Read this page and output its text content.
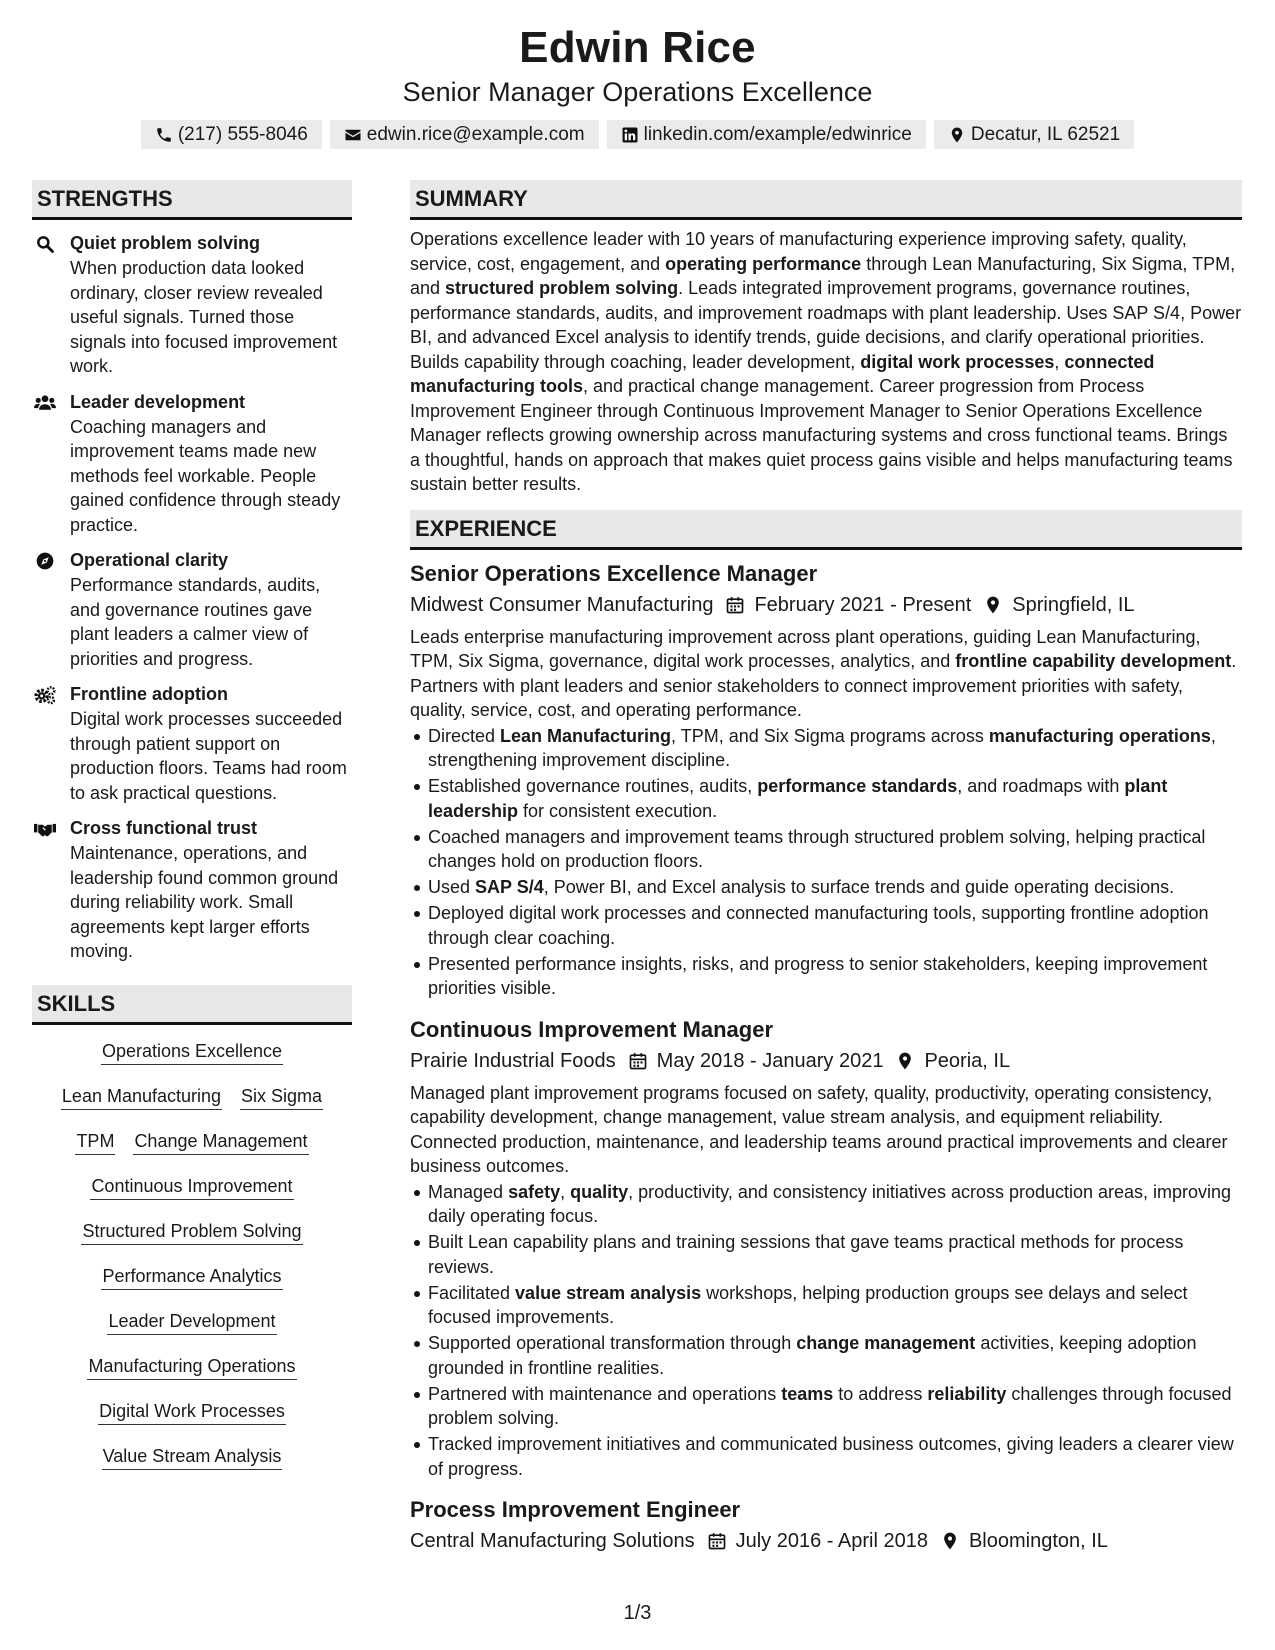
Edwin Rice
Senior Manager Operations Excellence
(217) 555-8046	edwin.rice@example.com	linkedin.com/example/edwinrice	Decatur, IL 62521
STRENGTHS
Quiet problem solving
When production data looked ordinary, closer review revealed useful signals. Turned those signals into focused improvement work.
Leader development
Coaching managers and improvement teams made new methods feel workable. People gained confidence through steady practice.
Operational clarity
Performance standards, audits, and governance routines gave plant leaders a calmer view of priorities and progress.
Frontline adoption
Digital work processes succeeded through patient support on production floors. Teams had room to ask practical questions.
Cross functional trust
Maintenance, operations, and leadership found common ground during reliability work. Small agreements kept larger efforts moving.
SKILLS
Operations Excellence
Lean Manufacturing Six Sigma
TPM Change Management
Continuous Improvement
Structured Problem Solving
Performance Analytics
Leader Development
Manufacturing Operations
Digital Work Processes
Value Stream Analysis
SUMMARY
Operations excellence leader with 10 years of manufacturing experience improving safety, quality, service, cost, engagement, and operating performance through Lean Manufacturing, Six Sigma, TPM, and structured problem solving. Leads integrated improvement programs, governance routines, performance standards, audits, and improvement roadmaps with plant leadership. Uses SAP S/4, Power BI, and advanced Excel analysis to identify trends, guide decisions, and clarify operational priorities. Builds capability through coaching, leader development, digital work processes, connected manufacturing tools, and practical change management. Career progression from Process Improvement Engineer through Continuous Improvement Manager to Senior Operations Excellence Manager reflects growing ownership across manufacturing systems and cross functional teams. Brings a thoughtful, hands on approach that makes quiet process gains visible and helps manufacturing teams sustain better results.
EXPERIENCE
Senior Operations Excellence Manager
Midwest Consumer Manufacturing February 2021 - Present Springfield, IL
Leads enterprise manufacturing improvement across plant operations, guiding Lean Manufacturing, TPM, Six Sigma, governance, digital work processes, analytics, and frontline capability development. Partners with plant leaders and senior stakeholders to connect improvement priorities with safety, quality, service, cost, and operating performance.
Directed Lean Manufacturing, TPM, and Six Sigma programs across manufacturing operations, strengthening improvement discipline.
Established governance routines, audits, performance standards, and roadmaps with plant leadership for consistent execution.
Coached managers and improvement teams through structured problem solving, helping practical changes hold on production floors.
Used SAP S/4, Power BI, and Excel analysis to surface trends and guide operating decisions.
Deployed digital work processes and connected manufacturing tools, supporting frontline adoption through clear coaching.
Presented performance insights, risks, and progress to senior stakeholders, keeping improvement priorities visible.
Continuous Improvement Manager
Prairie Industrial Foods May 2018 - January 2021 Peoria, IL
Managed plant improvement programs focused on safety, quality, productivity, operating consistency, capability development, change management, value stream analysis, and equipment reliability. Connected production, maintenance, and leadership teams around practical improvements and clearer business outcomes.
Managed safety, quality, productivity, and consistency initiatives across production areas, improving daily operating focus.
Built Lean capability plans and training sessions that gave teams practical methods for process reviews.
Facilitated value stream analysis workshops, helping production groups see delays and select focused improvements.
Supported operational transformation through change management activities, keeping adoption grounded in frontline realities.
Partnered with maintenance and operations teams to address reliability challenges through focused problem solving.
Tracked improvement initiatives and communicated business outcomes, giving leaders a clearer view of progress.
Process Improvement Engineer
Central Manufacturing Solutions July 2016 - April 2018 Bloomington, IL
1/3
